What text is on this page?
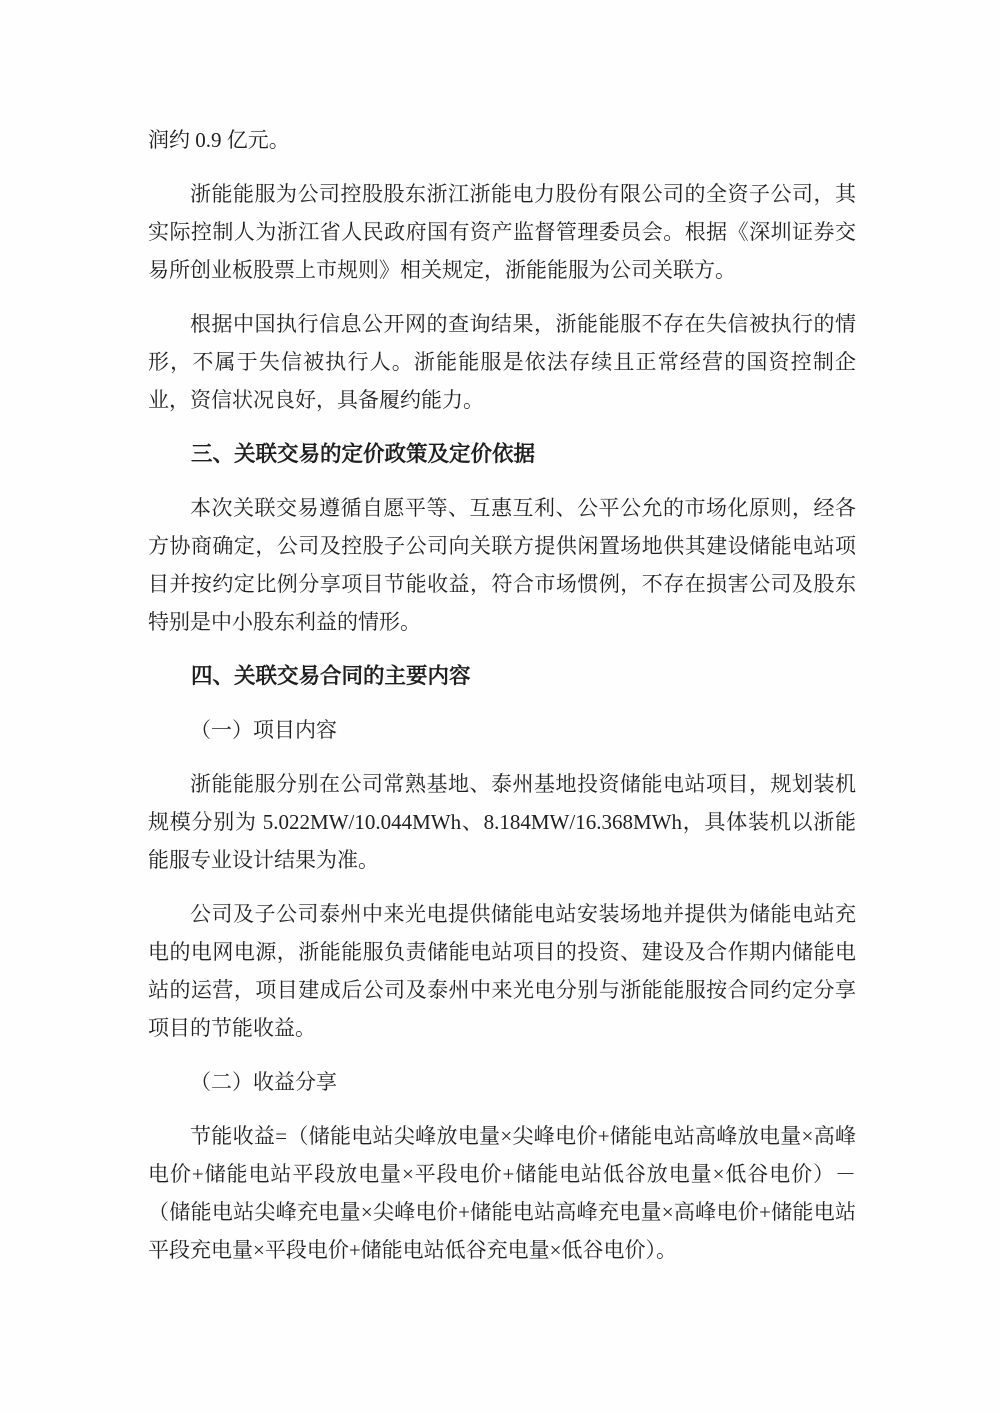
润约 0.9 亿元。

浙能能服为公司控股股东浙江浙能电力股份有限公司的全资子公司，其实际控制人为浙江省人民政府国有资产监督管理委员会。根据《深圳证券交易所创业板股票上市规则》相关规定，浙能能服为公司关联方。

根据中国执行信息公开网的查询结果，浙能能服不存在失信被执行的情形，不属于失信被执行人。浙能能服是依法存续且正常经营的国资控制企业，资信状况良好，具备履约能力。

三、关联交易的定价政策及定价依据

本次关联交易遵循自愿平等、互惠互利、公平公允的市场化原则，经各方协商确定，公司及控股子公司向关联方提供闲置场地供其建设储能电站项目并按约定比例分享项目节能收益，符合市场惯例，不存在损害公司及股东特别是中小股东利益的情形。

四、关联交易合同的主要内容

（一）项目内容

浙能能服分别在公司常熟基地、泰州基地投资储能电站项目，规划装机规模分别为 5.022MW/10.044MWh、8.184MW/16.368MWh，具体装机以浙能能服专业设计结果为准。

公司及子公司泰州中来光电提供储能电站安装场地并提供为储能电站充电的电网电源，浙能能服负责储能电站项目的投资、建设及合作期内储能电站的运营，项目建成后公司及泰州中来光电分别与浙能能服按合同约定分享项目的节能收益。

（二）收益分享

节能收益=（储能电站尖峰放电量×尖峰电价+储能电站高峰放电量×高峰电价+储能电站平段放电量×平段电价+储能电站低谷放电量×低谷电价）－（储能电站尖峰充电量×尖峰电价+储能电站高峰充电量×高峰电价+储能电站平段充电量×平段电价+储能电站低谷充电量×低谷电价）。
